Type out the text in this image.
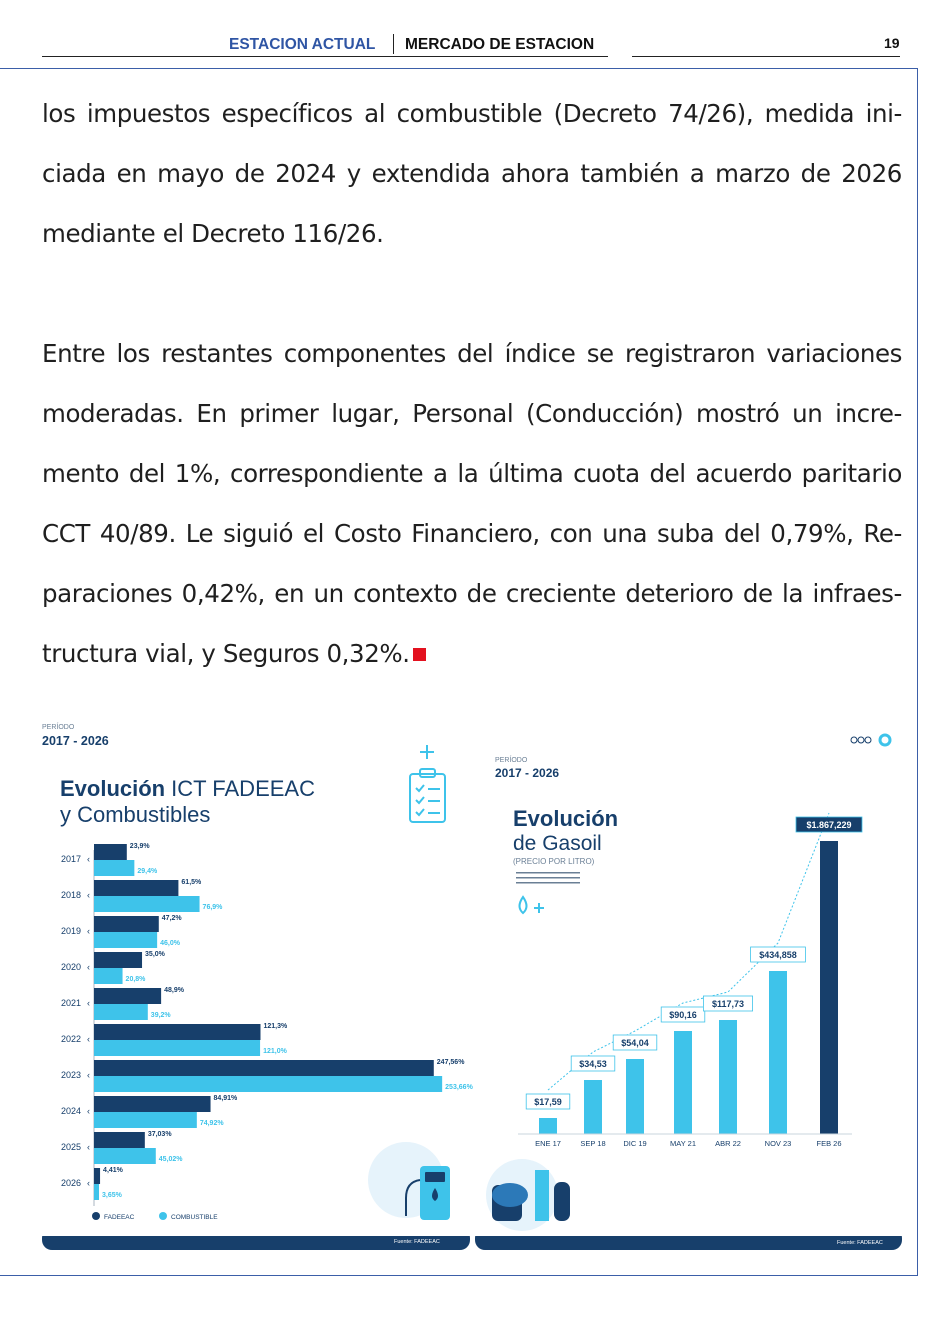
ESTACION ACTUAL MERCADO DE ESTACION	19
los impuestos específicos al combustible (Decreto 74/26), medida ini-
ciada en mayo de 2024 y extendida ahora también a marzo de 2026
mediante el Decreto 116/26.
Entre los restantes componentes del índice se registraron variaciones
moderadas. En primer lugar, Personal (Conducción) mostró un incre-
mento del 1%, correspondiente a la última cuota del acuerdo paritario
CCT 40/89. Le siguió el Costo Financiero, con una suba del 0,79%, Re-
paraciones 0,42%, en un contexto de creciente deterioro de la infraes-
tructura vial, y Seguros 0,32%.
PERÍODO
2017 - 2026
Evolución ICT FADEEAC
y Combustibles
2017 ‹
23,9%
29,4%
2018 ‹
61,5%
76,9%
2019 ‹
47,2%
46,0%
2020 ‹
35,0%
20,8%
2021 ‹
48,9%
39,2%
2022 ‹
121,3%
121,0%
2023 ‹
247,56%
253,66%
2024 ‹
84,91%
74,92%
2025 ‹
37,03%
45,02%
2026 ‹
4,41%
3,65%
FADEEAC	COMBUSTIBLE
Fuente: FADEEAC
PERÍODO
2017 - 2026
Evolución
de Gasoil
(PRECIO POR LITRO)
$17,59
ENE 17
$34,53
SEP 18
$54,04
DIC 19
$90,16
MAY 21
$117,73
ABR 22
$434,858
NOV 23
$1.867,229
FEB 26
Fuente: FADEEAC
